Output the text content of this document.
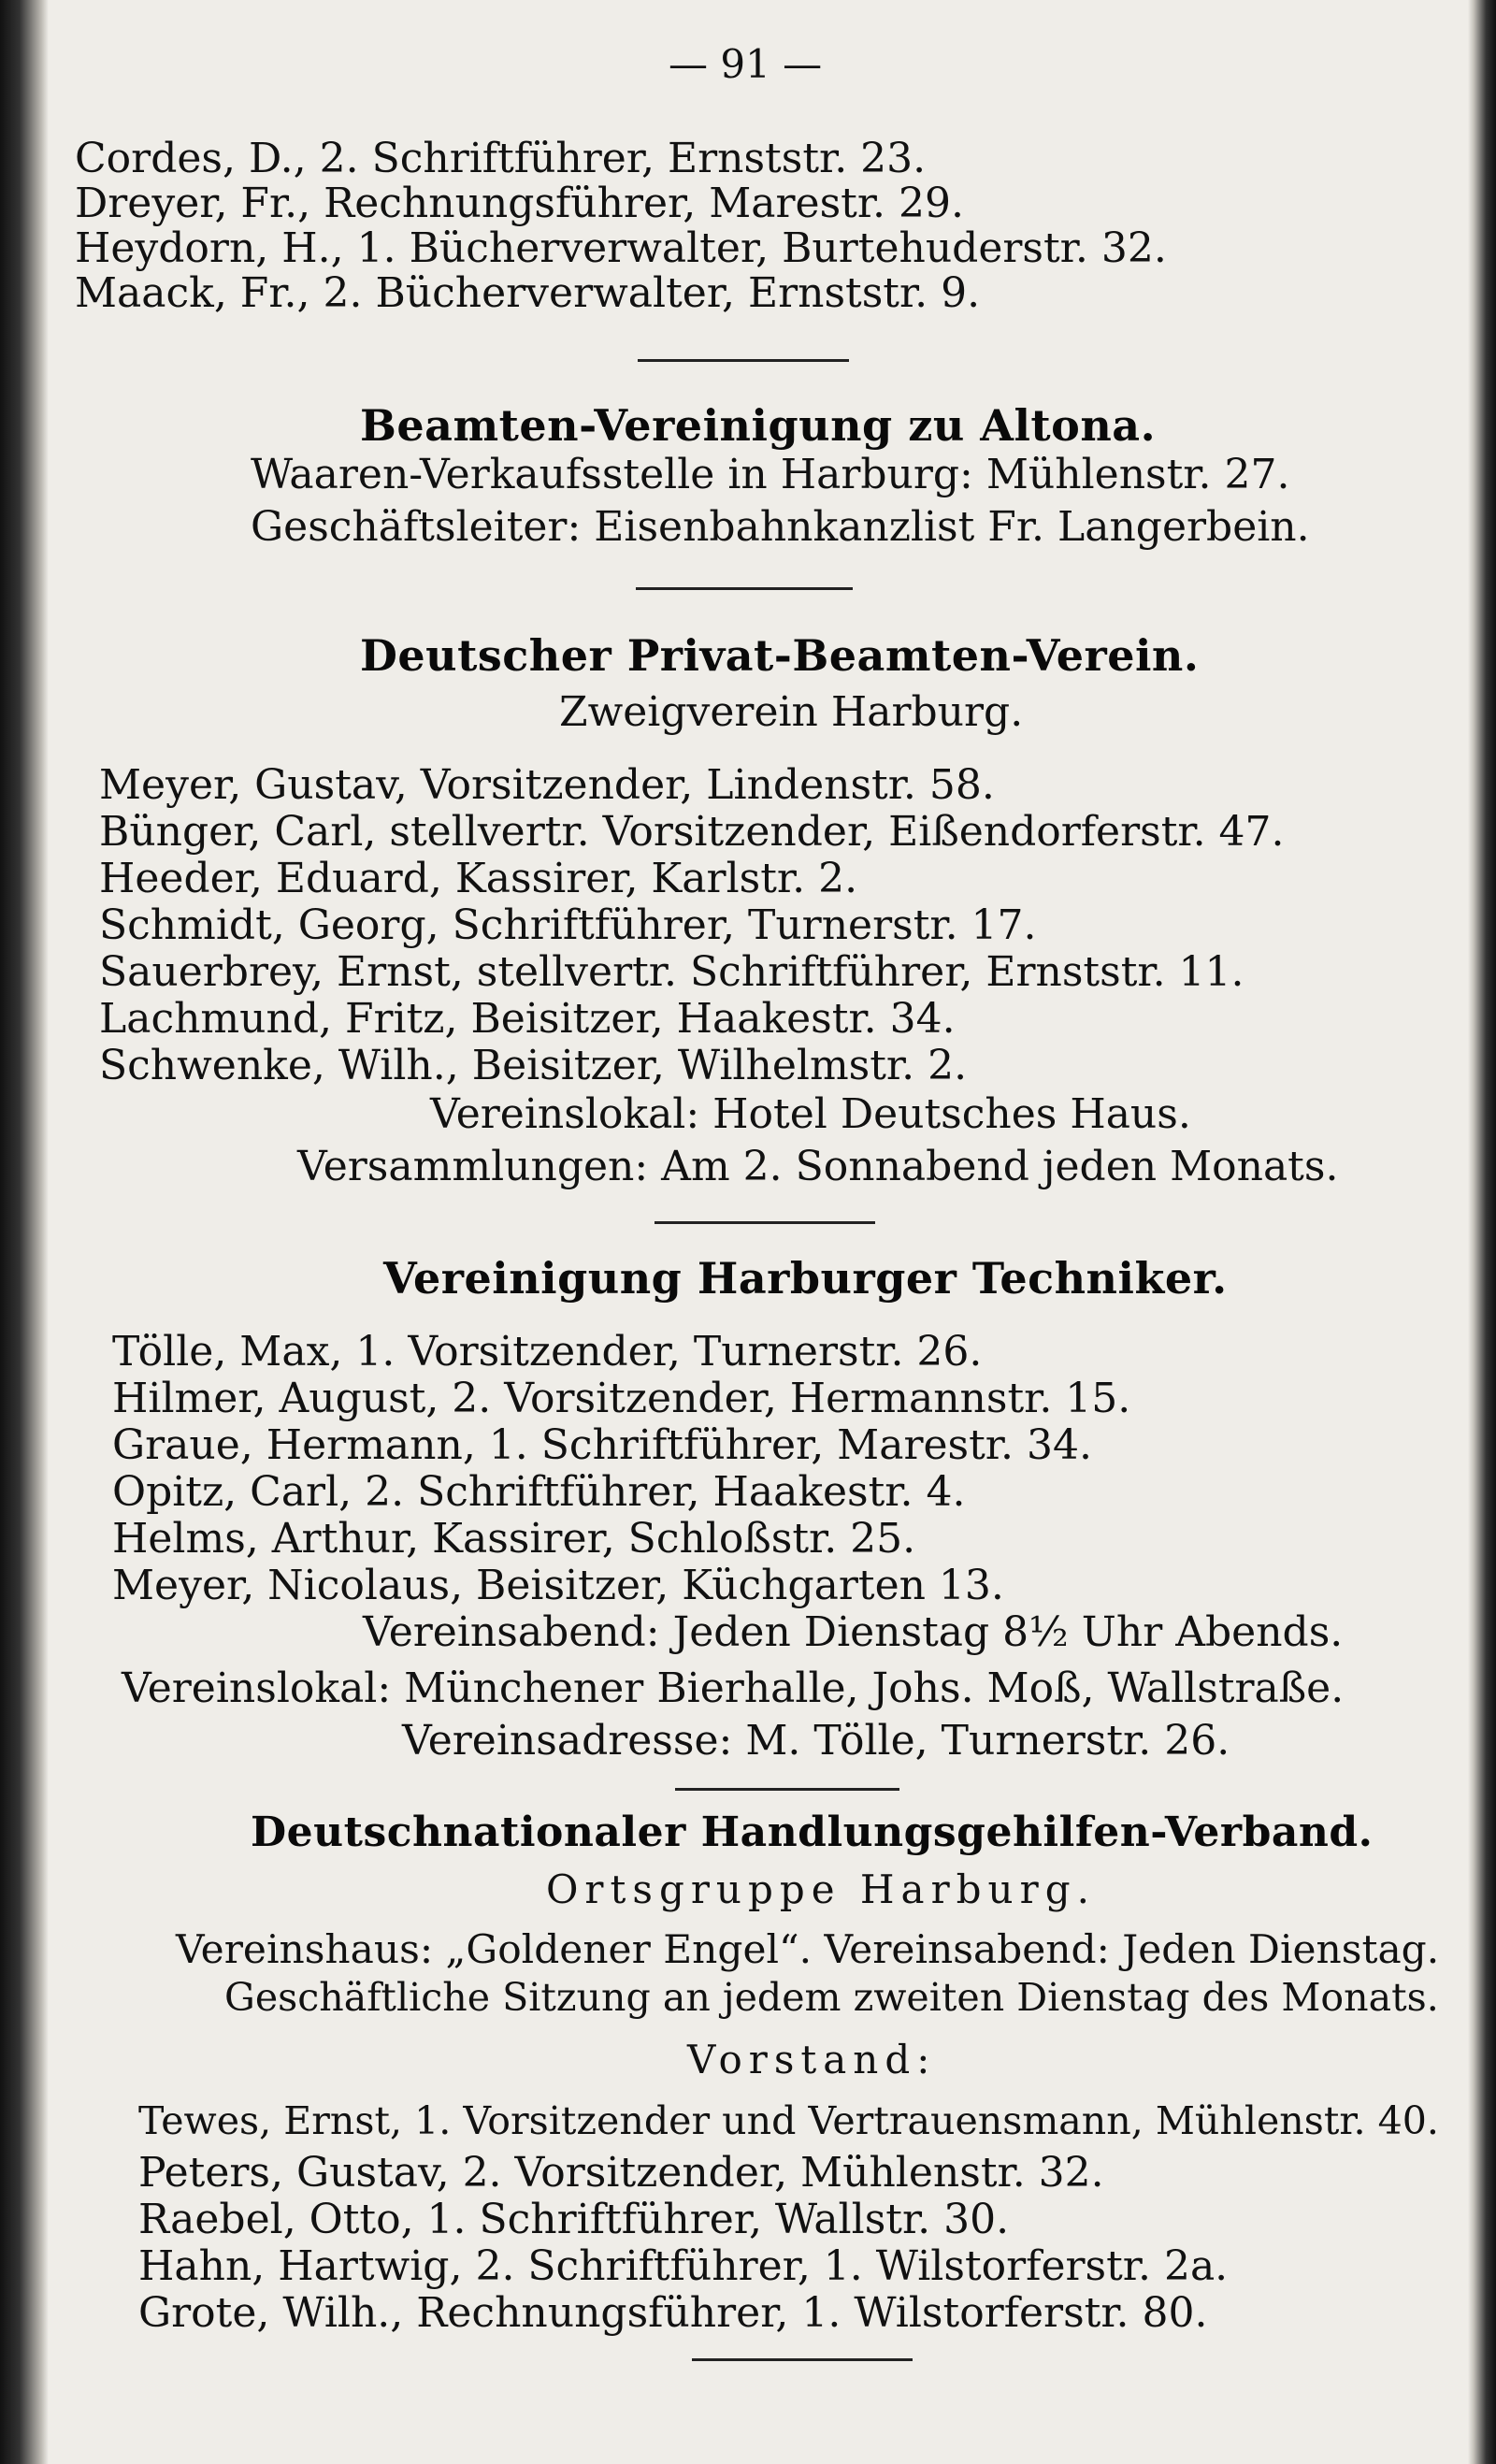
— 91 —
Cordes, D., 2. Schriftführer, Ernststr. 23.
Dreyer, Fr., Rechnungsführer, Marestr. 29.
Heydorn, H., 1. Bücherverwalter, Burtehuderstr. 32.
Maack, Fr., 2. Bücherverwalter, Ernststr. 9.
Beamten-Vereinigung zu Altona.
Waaren-Verkaufsstelle in Harburg: Mühlenstr. 27.
Geschäftsleiter: Eisenbahnkanzlist Fr. Langerbein.
Deutscher Privat-Beamten-Verein.
Zweigverein Harburg.
Meyer, Gustav, Vorsitzender, Lindenstr. 58.
Bünger, Carl, stellvertr. Vorsitzender, Eißendorferstr. 47.
Heeder, Eduard, Kassirer, Karlstr. 2.
Schmidt, Georg, Schriftführer, Turnerstr. 17.
Sauerbrey, Ernst, stellvertr. Schriftführer, Ernststr. 11.
Lachmund, Fritz, Beisitzer, Haakestr. 34.
Schwenke, Wilh., Beisitzer, Wilhelmstr. 2.
Vereinslokal: Hotel Deutsches Haus.
Versammlungen: Am 2. Sonnabend jeden Monats.
Vereinigung Harburger Techniker.
Tölle, Max, 1. Vorsitzender, Turnerstr. 26.
Hilmer, August, 2. Vorsitzender, Hermannstr. 15.
Graue, Hermann, 1. Schriftführer, Marestr. 34.
Opitz, Carl, 2. Schriftführer, Haakestr. 4.
Helms, Arthur, Kassirer, Schloßstr. 25.
Meyer, Nicolaus, Beisitzer, Küchgarten 13.
Vereinsabend: Jeden Dienstag 8½ Uhr Abends.
Vereinslokal: Münchener Bierhalle, Johs. Moß, Wallstraße.
Vereinsadresse: M. Tölle, Turnerstr. 26.
Deutschnationaler Handlungsgehilfen-Verband.
Ortsgruppe Harburg.
Vereinshaus: „Goldener Engel“. Vereinsabend: Jeden Dienstag.
Geschäftliche Sitzung an jedem zweiten Dienstag des Monats.
Vorstand:
Tewes, Ernst, 1. Vorsitzender und Vertrauensmann, Mühlenstr. 40.
Peters, Gustav, 2. Vorsitzender, Mühlenstr. 32.
Raebel, Otto, 1. Schriftführer, Wallstr. 30.
Hahn, Hartwig, 2. Schriftführer, 1. Wilstorferstr. 2a.
Grote, Wilh., Rechnungsführer, 1. Wilstorferstr. 80.
